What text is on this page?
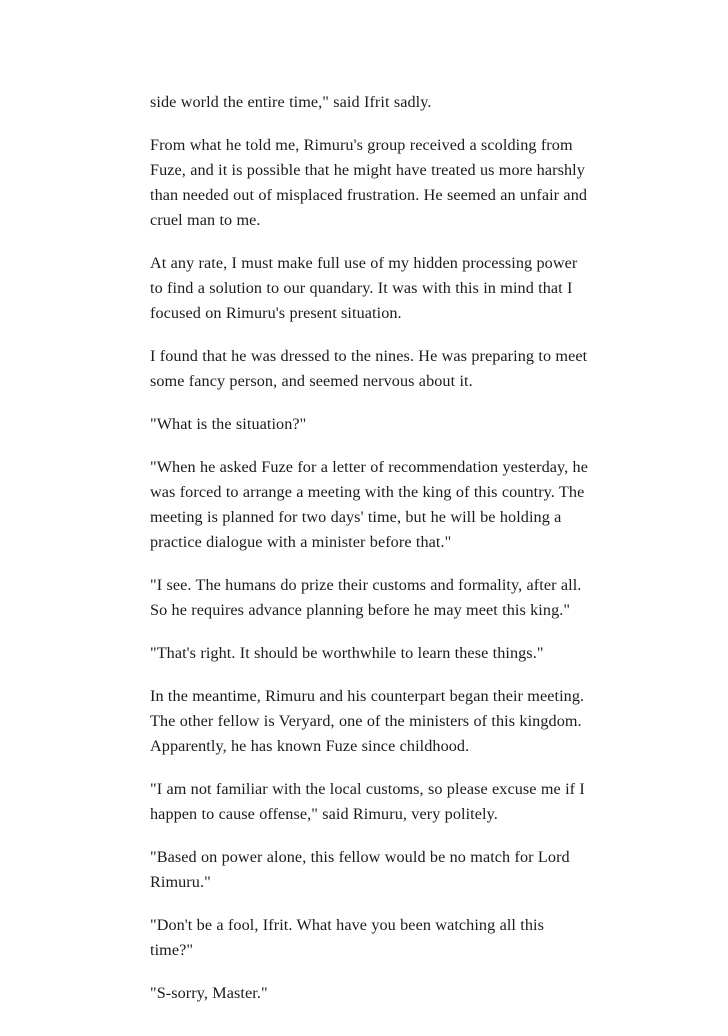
side world the entire time," said Ifrit sadly.

From what he told me, Rimuru's group received a scolding from Fuze, and it is possible that he might have treated us more harshly than needed out of misplaced frustration. He seemed an unfair and cruel man to me.

At any rate, I must make full use of my hidden processing power to find a solution to our quandary. It was with this in mind that I focused on Rimuru's present situation.

I found that he was dressed to the nines. He was preparing to meet some fancy person, and seemed nervous about it.

"What is the situation?"

"When he asked Fuze for a letter of recommendation yesterday, he was forced to arrange a meeting with the king of this country. The meeting is planned for two days' time, but he will be holding a practice dialogue with a minister before that."

"I see. The humans do prize their customs and formality, after all. So he requires advance planning before he may meet this king."

"That's right. It should be worthwhile to learn these things."

In the meantime, Rimuru and his counterpart began their meeting. The other fellow is Veryard, one of the ministers of this kingdom. Apparently, he has known Fuze since childhood.

"I am not familiar with the local customs, so please excuse me if I happen to cause offense," said Rimuru, very politely.

"Based on power alone, this fellow would be no match for Lord Rimuru."

"Don't be a fool, Ifrit. What have you been watching all this time?"

"S-sorry, Master."
